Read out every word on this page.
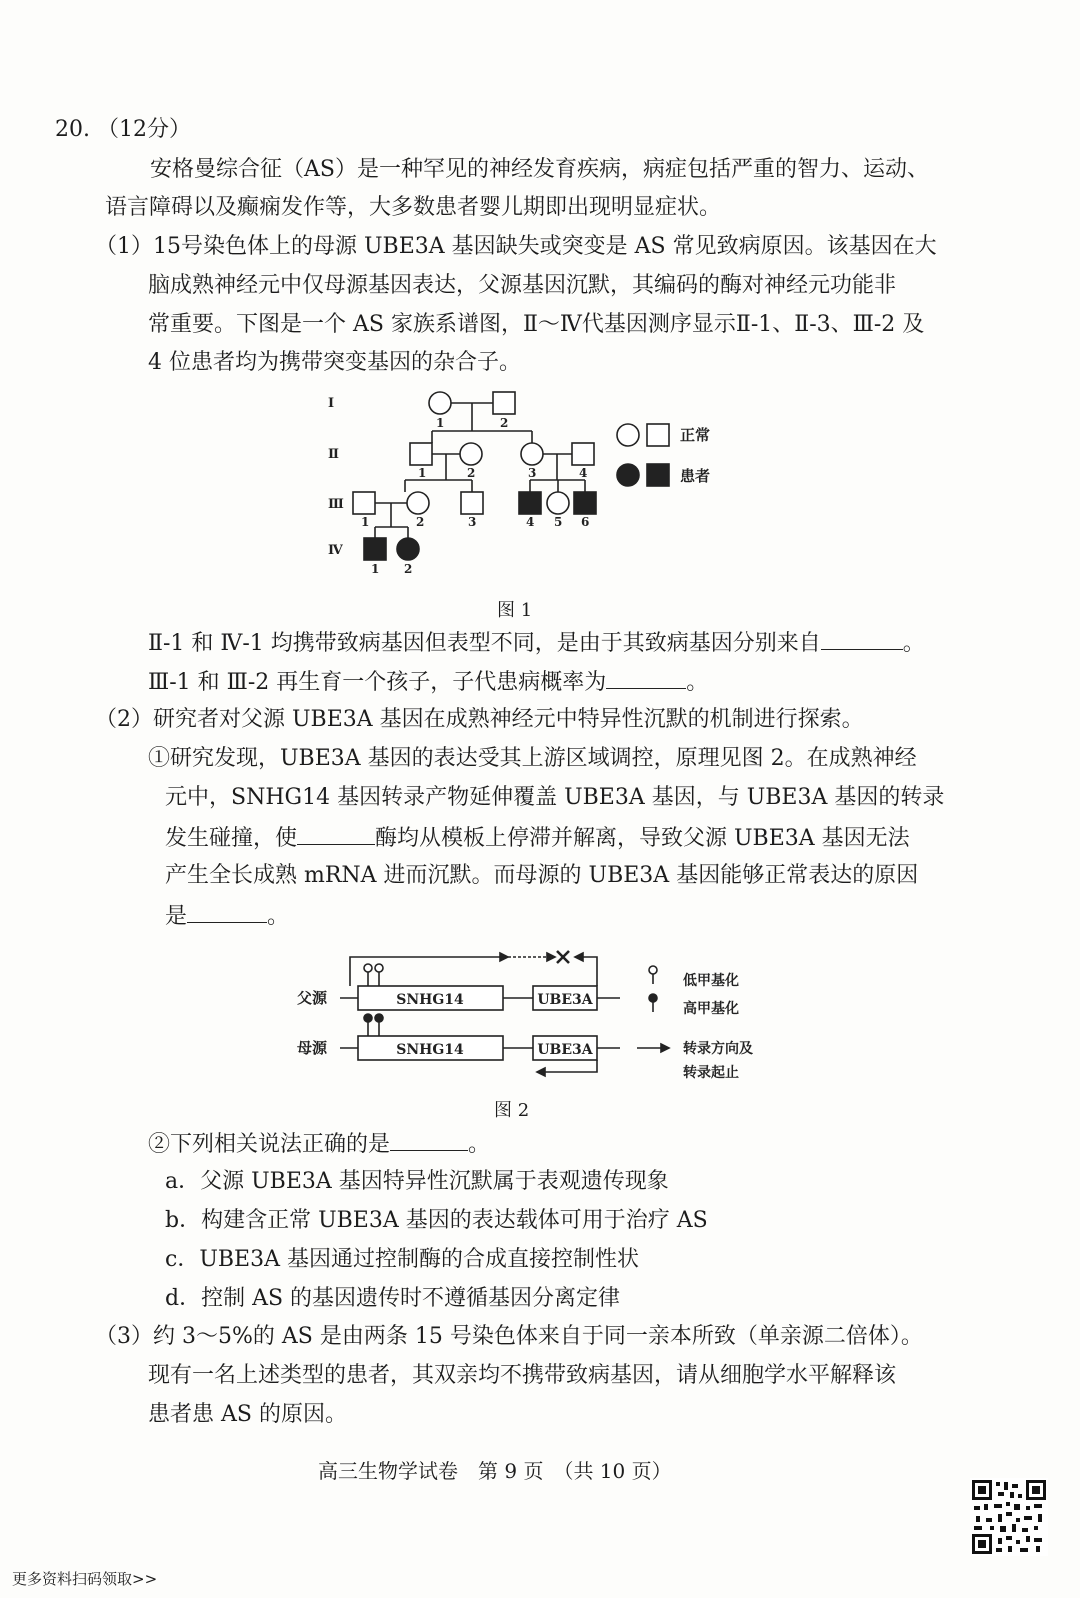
20. （12分）
安格曼综合征（AS）是一种罕见的神经发育疾病，病症包括严重的智力、运动、
语言障碍以及癫痫发作等，大多数患者婴儿期即出现明显症状。
（1）15号染色体上的母源 UBE3A 基因缺失或突变是 AS 常见致病原因。该基因在大
脑成熟神经元中仅母源基因表达，父源基因沉默，其编码的酶对神经元功能非
常重要。下图是一个 AS 家族系谱图，Ⅱ～Ⅳ代基因测序显示Ⅱ-1、Ⅱ-3、Ⅲ-2 及
4 位患者均为携带突变基因的杂合子。
Ⅰ
Ⅱ
Ⅲ
Ⅳ
1	2
1	2	3	4
1	2	3	4 5 6
1 2
正常
患者
图 1
Ⅱ-1 和 Ⅳ-1 均携带致病基因但表型不同，是由于其致病基因分别来自	。
Ⅲ-1 和 Ⅲ-2 再生育一个孩子，子代患病概率为	。
（2）研究者对父源 UBE3A 基因在成熟神经元中特异性沉默的机制进行探索。
①研究发现，UBE3A 基因的表达受其上游区域调控，原理见图 2。在成熟神经
元中，SNHG14 基因转录产物延伸覆盖 UBE3A 基因，与 UBE3A 基因的转录
发生碰撞，使	酶均从模板上停滞并解离，导致父源 UBE3A 基因无法
产生全长成熟 mRNA 进而沉默。而母源的 UBE3A 基因能够正常表达的原因
是	。
父源
母源
SNHG14	UBE3A
SNHG14	UBE3A
低甲基化
高甲基化
转录方向及
转录起止
图 2
②下列相关说法正确的是	。
a．父源 UBE3A 基因特异性沉默属于表观遗传现象
b．构建含正常 UBE3A 基因的表达载体可用于治疗 AS
c．UBE3A 基因通过控制酶的合成直接控制性状
d．控制 AS 的基因遗传时不遵循基因分离定律
（3）约 3～5%的 AS 是由两条 15 号染色体来自于同一亲本所致（单亲源二倍体）。
现有一名上述类型的患者，其双亲均不携带致病基因，请从细胞学水平解释该
患者患 AS 的原因。
高三生物学试卷　第 9 页　（共 10 页）
更多资料扫码领取>>
